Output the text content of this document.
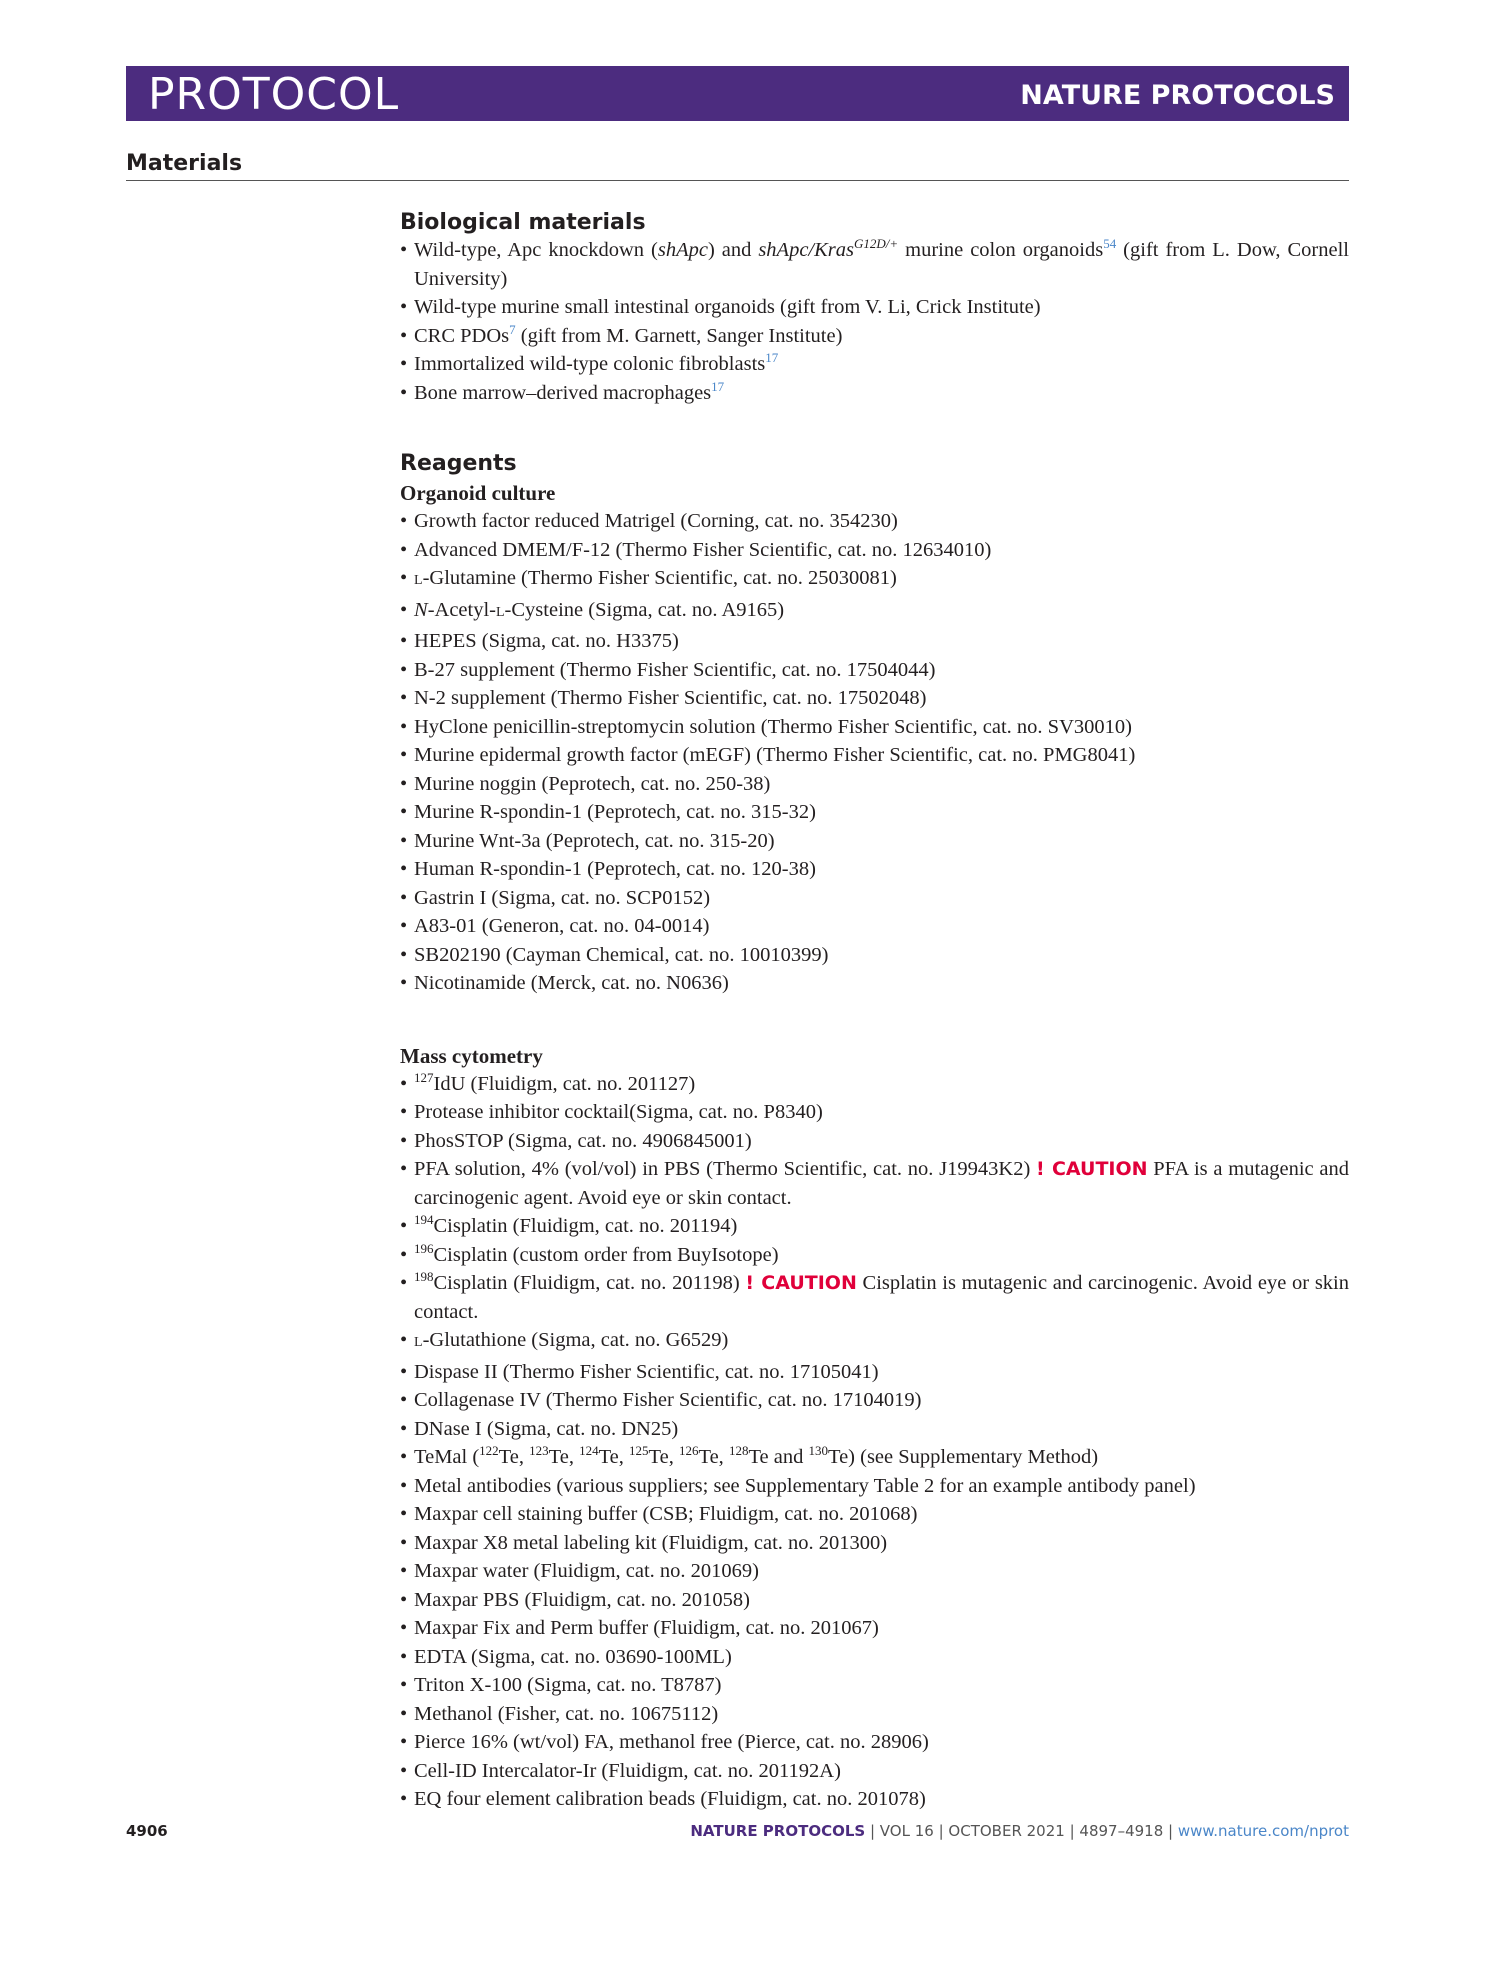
PROTOCOL	NATURE PROTOCOLS
Materials
Biological materials
• Wild-type, Apc knockdown (shApc) and shApc/Kras$^{G12D/+}$ murine colon organoids$^{54}$ (gift from L. Dow, Cornell University)
• Wild-type murine small intestinal organoids (gift from V. Li, Crick Institute)
• CRC PDOs$^7$ (gift from M. Garnett, Sanger Institute)
• Immortalized wild-type colonic fibroblasts$^{17}$
• Bone marrow–derived macrophages$^{17}$
Reagents
Organoid culture
• Growth factor reduced Matrigel (Corning, cat. no. 354230)
• Advanced DMEM/F-12 (Thermo Fisher Scientific, cat. no. 12634010)
• L-Glutamine (Thermo Fisher Scientific, cat. no. 25030081)
• N-Acetyl-L-Cysteine (Sigma, cat. no. A9165)
• HEPES (Sigma, cat. no. H3375)
• B-27 supplement (Thermo Fisher Scientific, cat. no. 17504044)
• N-2 supplement (Thermo Fisher Scientific, cat. no. 17502048)
• HyClone penicillin-streptomycin solution (Thermo Fisher Scientific, cat. no. SV30010)
• Murine epidermal growth factor (mEGF) (Thermo Fisher Scientific, cat. no. PMG8041)
• Murine noggin (Peprotech, cat. no. 250-38)
• Murine R-spondin-1 (Peprotech, cat. no. 315-32)
• Murine Wnt-3a (Peprotech, cat. no. 315-20)
• Human R-spondin-1 (Peprotech, cat. no. 120-38)
• Gastrin I (Sigma, cat. no. SCP0152)
• A83-01 (Generon, cat. no. 04-0014)
• SB202190 (Cayman Chemical, cat. no. 10010399)
• Nicotinamide (Merck, cat. no. N0636)
Mass cytometry
• $^{127}$IdU (Fluidigm, cat. no. 201127)
• Protease inhibitor cocktail(Sigma, cat. no. P8340)
• PhosSTOP (Sigma, cat. no. 4906845001)
• PFA solution, 4% (vol/vol) in PBS (Thermo Scientific, cat. no. J19943K2) ! CAUTION PFA is a mutagenic and carcinogenic agent. Avoid eye or skin contact.
• $^{194}$Cisplatin (Fluidigm, cat. no. 201194)
• $^{196}$Cisplatin (custom order from BuyIsotope)
• $^{198}$Cisplatin (Fluidigm, cat. no. 201198) ! CAUTION Cisplatin is mutagenic and carcinogenic. Avoid eye or skin contact.
• L-Glutathione (Sigma, cat. no. G6529)
• Dispase II (Thermo Fisher Scientific, cat. no. 17105041)
• Collagenase IV (Thermo Fisher Scientific, cat. no. 17104019)
• DNase I (Sigma, cat. no. DN25)
• TeMal ($^{122}$Te, $^{123}$Te, $^{124}$Te, $^{125}$Te, $^{126}$Te, $^{128}$Te and $^{130}$Te) (see Supplementary Method)
• Metal antibodies (various suppliers; see Supplementary Table 2 for an example antibody panel)
• Maxpar cell staining buffer (CSB; Fluidigm, cat. no. 201068)
• Maxpar X8 metal labeling kit (Fluidigm, cat. no. 201300)
• Maxpar water (Fluidigm, cat. no. 201069)
• Maxpar PBS (Fluidigm, cat. no. 201058)
• Maxpar Fix and Perm buffer (Fluidigm, cat. no. 201067)
• EDTA (Sigma, cat. no. 03690-100ML)
• Triton X-100 (Sigma, cat. no. T8787)
• Methanol (Fisher, cat. no. 10675112)
• Pierce 16% (wt/vol) FA, methanol free (Pierce, cat. no. 28906)
• Cell-ID Intercalator-Ir (Fluidigm, cat. no. 201192A)
• EQ four element calibration beads (Fluidigm, cat. no. 201078)
4906	NATURE PROTOCOLS | VOL 16 | OCTOBER 2021 | 4897–4918 | www.nature.com/nprot
